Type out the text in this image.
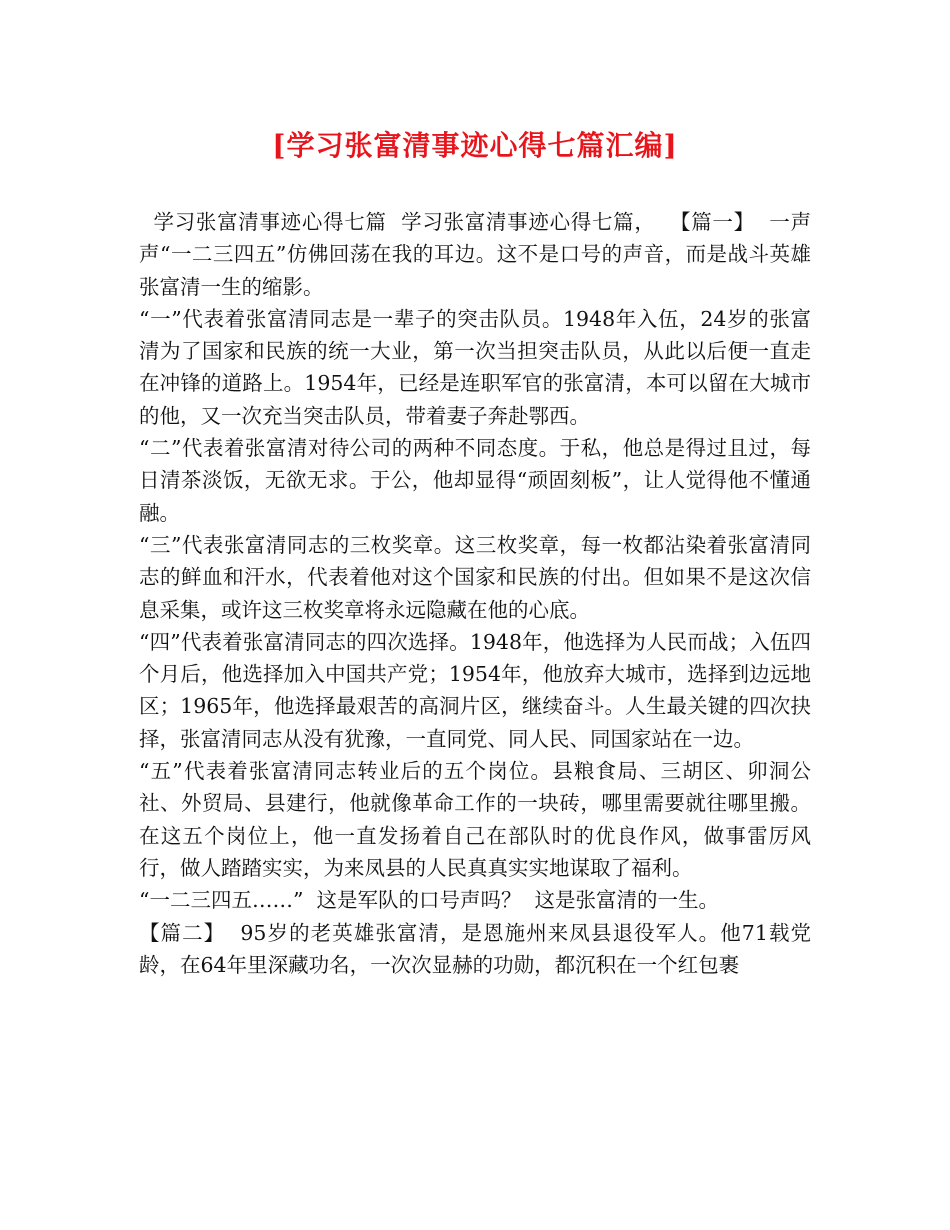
[学习张富清事迹心得七篇汇编]

学习张富清事迹心得七篇  学习张富清事迹心得七篇，  【篇一】  一声声“一二三四五”仿佛回荡在我的耳边。这不是口号的声音，而是战斗英雄张富清一生的缩影。

“一”代表着张富清同志是一辈子的突击队员。1948年入伍，24岁的张富清为了国家和民族的统一大业，第一次当担突击队员，从此以后便一直走在冲锋的道路上。1954年，已经是连职军官的张富清，本可以留在大城市的他，又一次充当突击队员，带着妻子奔赴鄂西。

“二”代表着张富清对待公司的两种不同态度。于私，他总是得过且过，每日清茶淡饭，无欲无求。于公，他却显得“顽固刻板”，让人觉得他不懂通融。

“三”代表张富清同志的三枚奖章。这三枚奖章，每一枚都沾染着张富清同志的鲜血和汗水，代表着他对这个国家和民族的付出。但如果不是这次信息采集，或许这三枚奖章将永远隐藏在他的心底。

“四”代表着张富清同志的四次选择。1948年，他选择为人民而战；入伍四个月后，他选择加入中国共产党；1954年，他放弃大城市，选择到边远地区；1965年，他选择最艰苦的高洞片区，继续奋斗。人生最关键的四次抉择，张富清同志从没有犹豫，一直同党、同人民、同国家站在一边。

“五”代表着张富清同志转业后的五个岗位。县粮食局、三胡区、卯洞公社、外贸局、县建行，他就像革命工作的一块砖，哪里需要就往哪里搬。在这五个岗位上，他一直发扬着自己在部队时的优良作风，做事雷厉风行，做人踏踏实实，为来凤县的人民真真实实地谋取了福利。

“一二三四五……”  这是军队的口号声吗？  这是张富清的一生。

【篇二】  95岁的老英雄张富清，是恩施州来凤县退役军人。他71载党龄，在64年里深藏功名，一次次显赫的功勋，都沉积在一个红包裹
